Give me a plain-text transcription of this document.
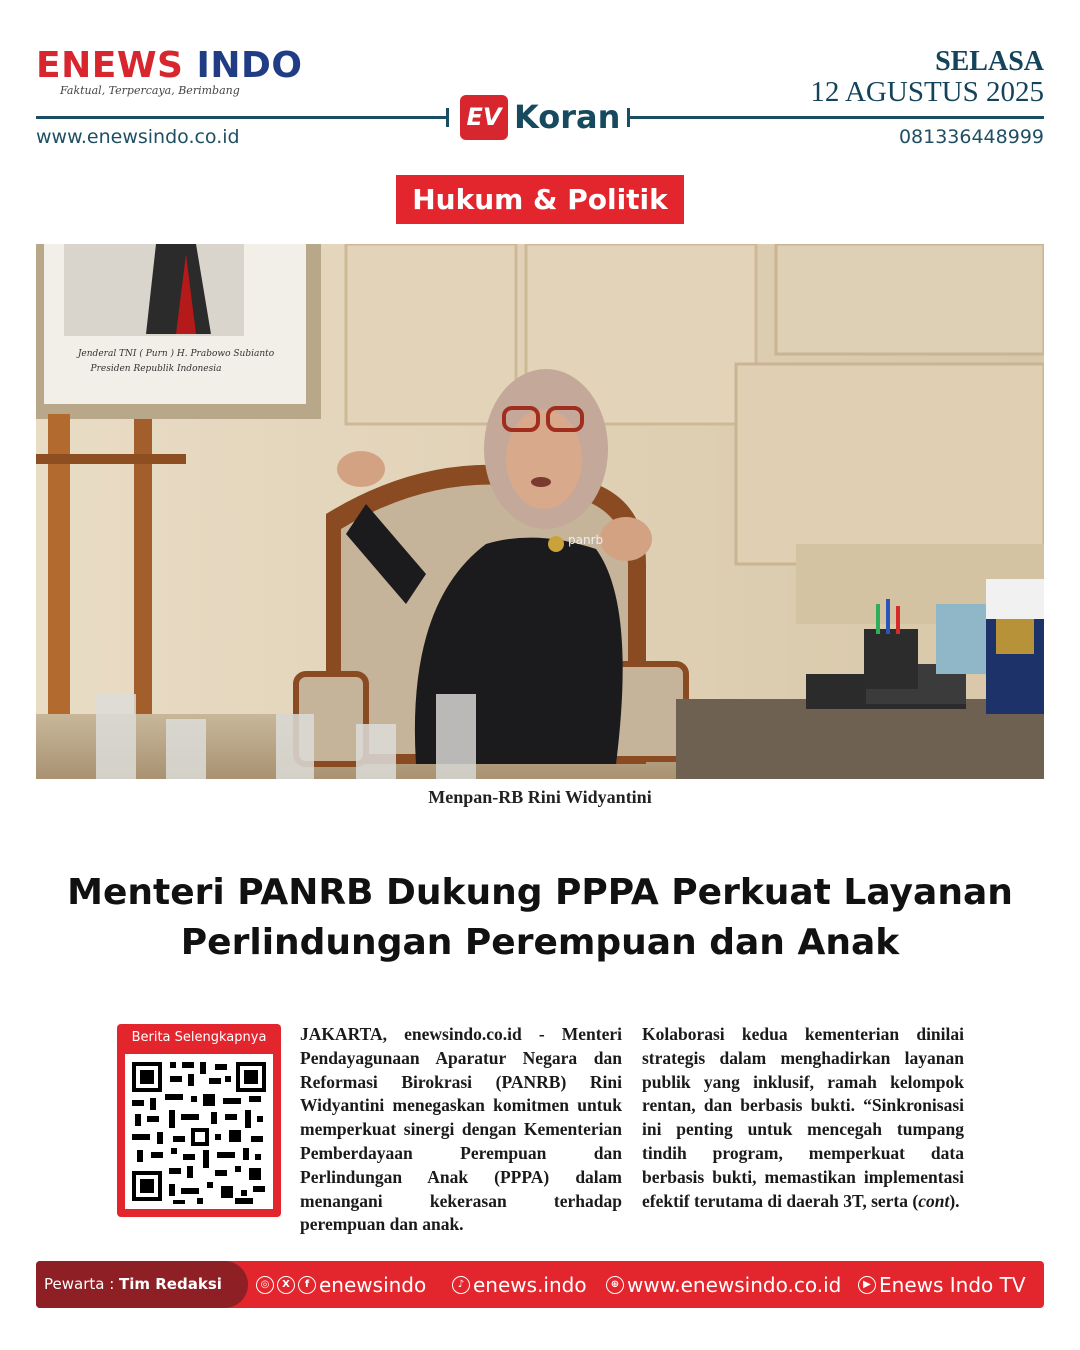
ENEWS INDO
Faktual, Terpercaya, Berimbang
SELASA
12 AGUSTUS 2025
EV Koran
www.enewsindo.co.id	081336448999
Hukum & Politik
Jenderal TNI ( Purn ) H. Prabowo Subianto
Presiden Republik Indonesia
panrb
Menpan-RB Rini Widyantini
Menteri PANRB Dukung PPPA Perkuat Layanan
Perlindungan Perempuan dan Anak
Berita Selengkapnya	JAKARTA, enewsindo.co.id - Menteri Pendayagunaan Aparatur Negara dan Reformasi Birokrasi (PANRB) Rini Widyantini menegaskan komitmen untuk memperkuat sinergi dengan Kementerian Pemberdayaan Perempuan dan Perlindungan Anak (PPPA) dalam menangani kekerasan terhadap perempuan dan anak.
Kolaborasi kedua kementerian dinilai strategis dalam menghadirkan layanan publik yang inklusif, ramah kelompok rentan, dan berbasis bukti. “Sinkronisasi ini penting untuk mencegah tumpang tindih program, memperkuat data berbasis bukti, memastikan implementasi efektif terutama di daerah 3T, serta (cont).
Pewarta : Tim Redaksi	◎	X	f enewsindo	♪ enews.indo	⊕ www.enewsindo.co.id	▶ Enews Indo TV
